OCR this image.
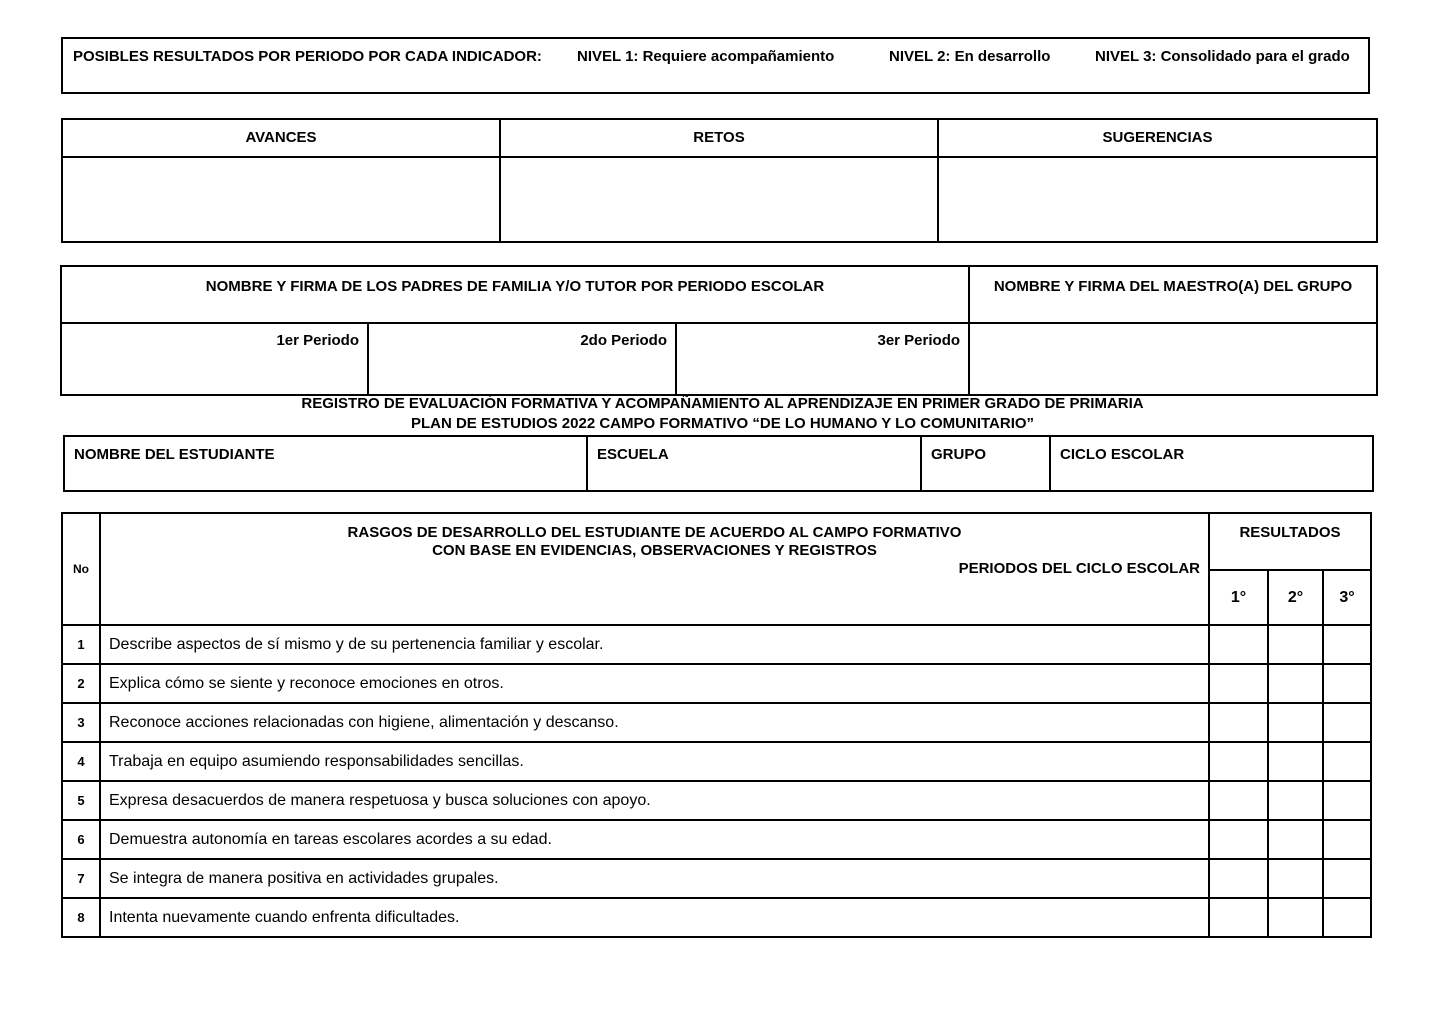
POSIBLES RESULTADOS POR PERIODO POR CADA INDICADOR: NIVEL 1: Requiere acompañamiento	NIVEL 2: En desarrollo	NIVEL 3: Consolidado para el grado
AVANCES	RETOS	SUGERENCIAS

NOMBRE Y FIRMA DE LOS PADRES DE FAMILIA Y/O TUTOR POR PERIODO ESCOLAR			NOMBRE Y FIRMA DEL MAESTRO(A) DEL GRUPO
1er Periodo	2do Periodo	3er Periodo	
REGISTRO DE EVALUACIÓN FORMATIVA Y ACOMPAÑAMIENTO AL APRENDIZAJE EN PRIMER GRADO DE PRIMARIA
PLAN DE ESTUDIOS 2022 CAMPO FORMATIVO “DE LO HUMANO Y LO COMUNITARIO”
NOMBRE DEL ESTUDIANTE	ESCUELA	GRUPO	CICLO ESCOLAR
No	RASGOS DE DESARROLLO DEL ESTUDIANTE DE ACUERDO AL CAMPO FORMATIVO
CON BASE EN EVIDENCIAS, OBSERVACIONES Y REGISTROS
PERIODOS DEL CICLO ESCOLAR	RESULTADOS		
		1°	2°	3°
1	Describe aspectos de sí mismo y de su pertenencia familiar y escolar.			
2	Explica cómo se siente y reconoce emociones en otros.			
3	Reconoce acciones relacionadas con higiene, alimentación y descanso.			
4	Trabaja en equipo asumiendo responsabilidades sencillas.			
5	Expresa desacuerdos de manera respetuosa y busca soluciones con apoyo.			
6	Demuestra autonomía en tareas escolares acordes a su edad.			
7	Se integra de manera positiva en actividades grupales.			
8	Intenta nuevamente cuando enfrenta dificultades.			
